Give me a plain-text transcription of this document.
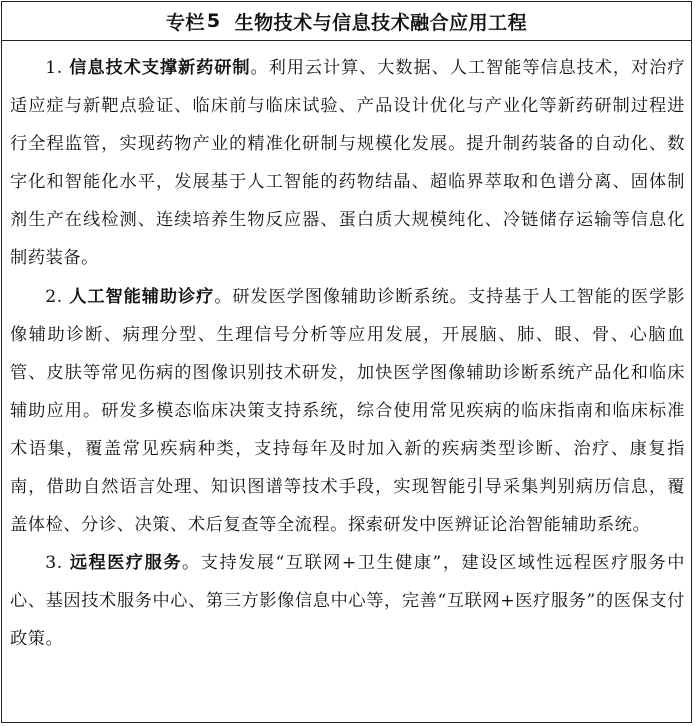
专栏 5 生物技术与信息技术融合应用工程

1. 信息技术支撑新药研制。利用云计算、大数据、人工智能等信息技术，对治疗适应症与新靶点验证、临床前与临床试验、产品设计优化与产业化等新药研制过程进行全程监管，实现药物产业的精准化研制与规模化发展。提升制药装备的自动化、数字化和智能化水平，发展基于人工智能的药物结晶、超临界萃取和色谱分离、固体制剂生产在线检测、连续培养生物反应器、蛋白质大规模纯化、冷链储存运输等信息化制药装备。

2. 人工智能辅助诊疗。研发医学图像辅助诊断系统。支持基于人工智能的医学影像辅助诊断、病理分型、生理信号分析等应用发展，开展脑、肺、眼、骨、心脑血管、皮肤等常见伤病的图像识别技术研发，加快医学图像辅助诊断系统产品化和临床辅助应用。研发多模态临床决策支持系统，综合使用常见疾病的临床指南和临床标准术语集，覆盖常见疾病种类，支持每年及时加入新的疾病类型诊断、治疗、康复指南，借助自然语言处理、知识图谱等技术手段，实现智能引导采集判别病历信息，覆盖体检、分诊、决策、术后复查等全流程。探索研发中医辨证论治智能辅助系统。

3. 远程医疗服务。支持发展“互联网+卫生健康”，建设区域性远程医疗服务中心、基因技术服务中心、第三方影像信息中心等，完善“互联网+医疗服务”的医保支付政策。
